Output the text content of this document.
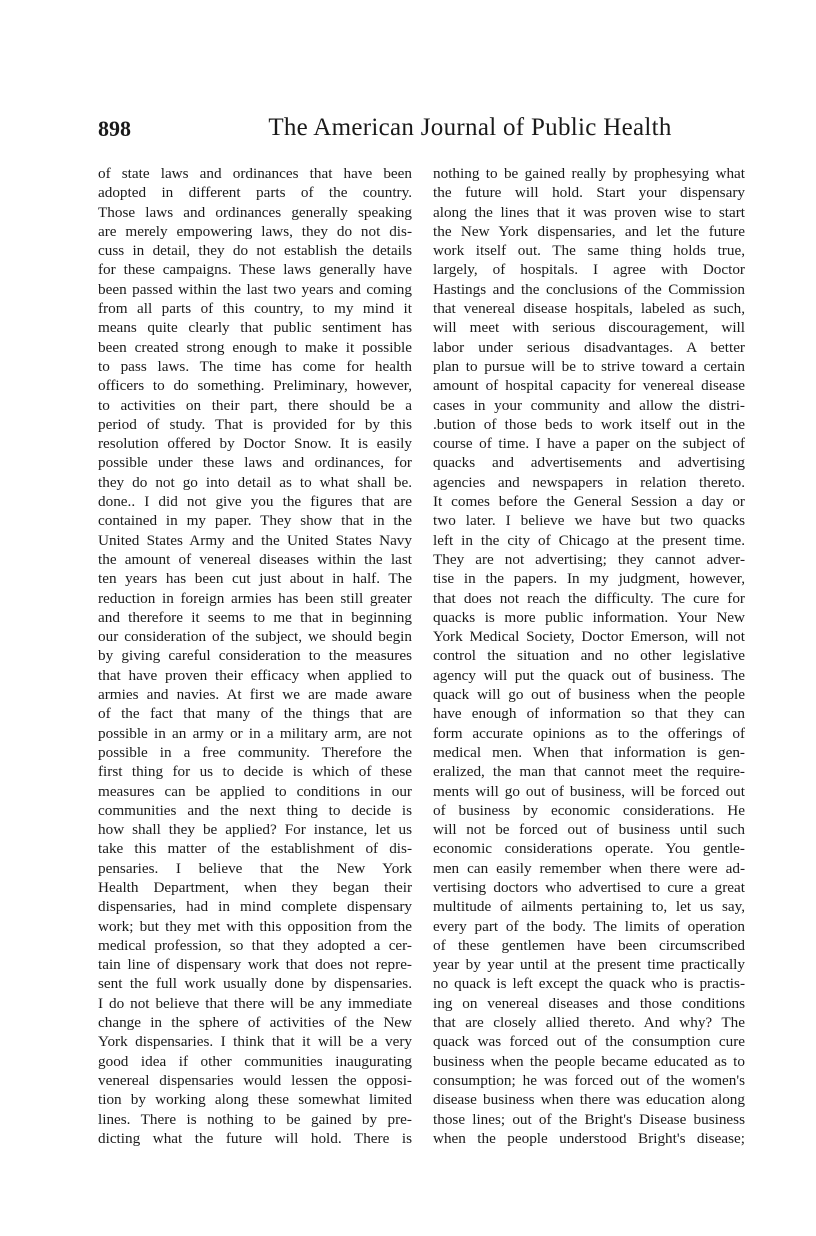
898	The American Journal of Public Health
of state laws and ordinances that have been
adopted in different parts of the country.
Those laws and ordinances generally speaking
are merely empowering laws, they do not dis-
cuss in detail, they do not establish the details
for these campaigns. These laws generally have
been passed within the last two years and coming
from all parts of this country, to my mind it
means quite clearly that public sentiment has
been created strong enough to make it possible
to pass laws. The time has come for health
officers to do something. Preliminary, however,
to activities on their part, there should be a
period of study. That is provided for by this
resolution offered by Doctor Snow. It is easily
possible under these laws and ordinances, for
they do not go into detail as to what shall be.
done.. I did not give you the figures that are
contained in my paper. They show that in the
United States Army and the United States Navy
the amount of venereal diseases within the last
ten years has been cut just about in half. The
reduction in foreign armies has been still greater
and therefore it seems to me that in beginning
our consideration of the subject, we should begin
by giving careful consideration to the measures
that have proven their efficacy when applied to
armies and navies. At first we are made aware
of the fact that many of the things that are
possible in an army or in a military arm, are not
possible in a free community. Therefore the
first thing for us to decide is which of these
measures can be applied to conditions in our
communities and the next thing to decide is
how shall they be applied? For instance, let us
take this matter of the establishment of dis-
pensaries. I believe that the New York
Health Department, when they began their
dispensaries, had in mind complete dispensary
work; but they met with this opposition from the
medical profession, so that they adopted a cer-
tain line of dispensary work that does not repre-
sent the full work usually done by dispensaries.
I do not believe that there will be any immediate
change in the sphere of activities of the New
York dispensaries. I think that it will be a very
good idea if other communities inaugurating
venereal dispensaries would lessen the opposi-
tion by working along these somewhat limited
lines. There is nothing to be gained by pre-
dicting what the future will hold. There is
nothing to be gained really by prophesying what
the future will hold. Start your dispensary
along the lines that it was proven wise to start
the New York dispensaries, and let the future
work itself out. The same thing holds true,
largely, of hospitals. I agree with Doctor
Hastings and the conclusions of the Commission
that venereal disease hospitals, labeled as such,
will meet with serious discouragement, will
labor under serious disadvantages. A better
plan to pursue will be to strive toward a certain
amount of hospital capacity for venereal disease
cases in your community and allow the distri-
.bution of those beds to work itself out in the
course of time. I have a paper on the subject of
quacks and advertisements and advertising
agencies and newspapers in relation thereto.
It comes before the General Session a day or
two later. I believe we have but two quacks
left in the city of Chicago at the present time.
They are not advertising; they cannot adver-
tise in the papers. In my judgment, however,
that does not reach the difficulty. The cure for
quacks is more public information. Your New
York Medical Society, Doctor Emerson, will not
control the situation and no other legislative
agency will put the quack out of business. The
quack will go out of business when the people
have enough of information so that they can
form accurate opinions as to the offerings of
medical men. When that information is gen-
eralized, the man that cannot meet the require-
ments will go out of business, will be forced out
of business by economic considerations. He
will not be forced out of business until such
economic considerations operate. You gentle-
men can easily remember when there were ad-
vertising doctors who advertised to cure a great
multitude of ailments pertaining to, let us say,
every part of the body. The limits of operation
of these gentlemen have been circumscribed
year by year until at the present time practically
no quack is left except the quack who is practis-
ing on venereal diseases and those conditions
that are closely allied thereto. And why? The
quack was forced out of the consumption cure
business when the people became educated as to
consumption; he was forced out of the women's
disease business when there was education along
those lines; out of the Bright's Disease business
when the people understood Bright's disease;
